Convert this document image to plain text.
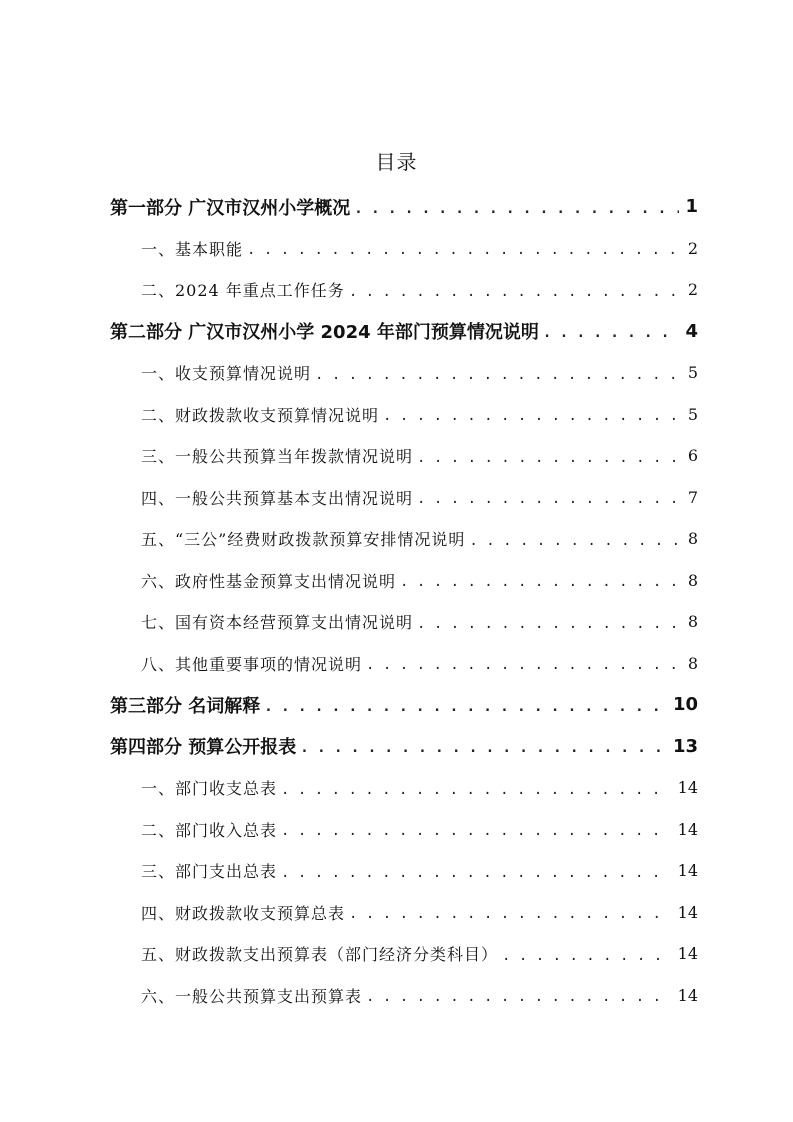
目录
第一部分 广汉市汉州小学概况 . . .	1
一、基本职能 . . .	2
二、2024 年重点工作任务 . . .	2
第二部分 广汉市汉州小学 2024 年部门预算情况说明 . . .	4
一、收支预算情况说明 . . .	5
二、财政拨款收支预算情况说明 . . .	5
三、一般公共预算当年拨款情况说明 . . .	6
四、一般公共预算基本支出情况说明 . . .	7
五、“三公”经费财政拨款预算安排情况说明 . . .	8
六、政府性基金预算支出情况说明 . . .	8
七、国有资本经营预算支出情况说明 . . .	8
八、其他重要事项的情况说明 . . .	8
第三部分 名词解释 . . .	10
第四部分 预算公开报表 . . .	13
一、部门收支总表 . . .	14
二、部门收入总表 . . .	14
三、部门支出总表 . . .	14
四、财政拨款收支预算总表 . . .	14
五、财政拨款支出预算表（部门经济分类科目） . . .	14
六、一般公共预算支出预算表 . . .	14
